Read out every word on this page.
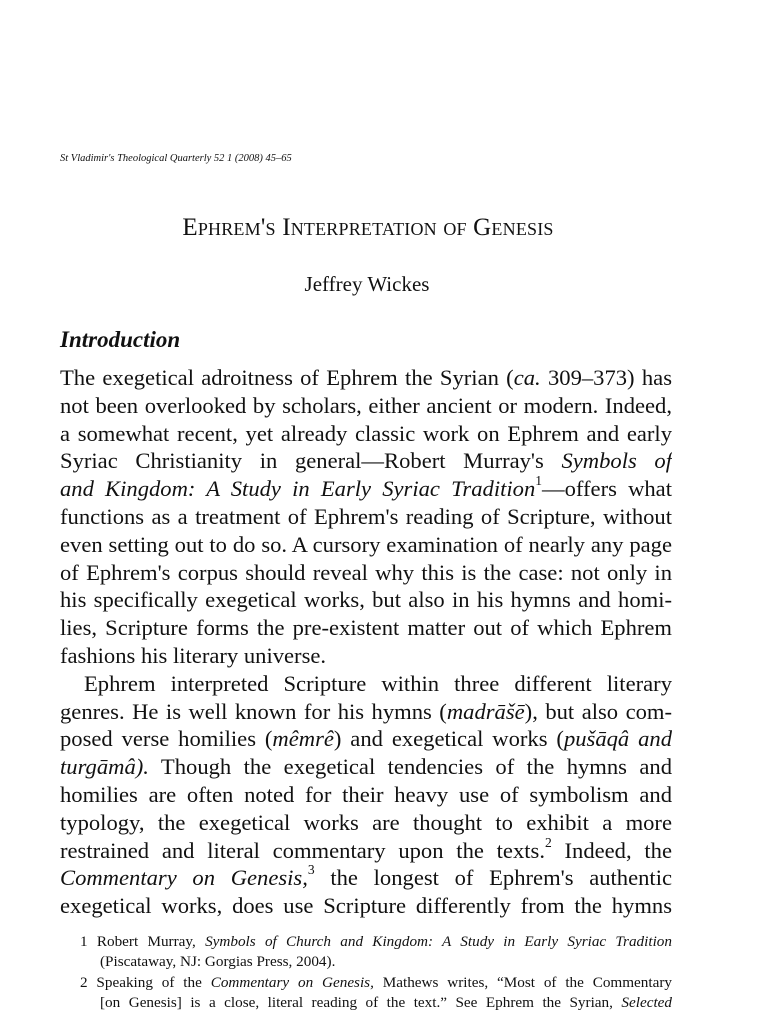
St Vladimir's Theological Quarterly 52 1 (2008) 45–65
Ephrem's Interpretation of Genesis
Jeffrey Wickes
Introduction
The exegetical adroitness of Ephrem the Syrian (ca. 309–373) has
not been overlooked by scholars, either ancient or modern. Indeed,
a somewhat recent, yet already classic work on Ephrem and early
Syriac Christianity in general—Robert Murray's Symbols of
and Kingdom: A Study in Early Syriac Tradition$^1$—offers what
functions as a treatment of Ephrem's reading of Scripture, without
even setting out to do so. A cursory examination of nearly any page
of Ephrem's corpus should reveal why this is the case: not only in
his specifically exegetical works, but also in his hymns and homi-
lies, Scripture forms the pre-existent matter out of which Ephrem
fashions his literary universe.
Ephrem interpreted Scripture within three different literary
genres. He is well known for his hymns (madrāšē), but also com-
posed verse homilies (mêmrê) and exegetical works (pušāqâ and
turgāmâ). Though the exegetical tendencies of the hymns and
homilies are often noted for their heavy use of symbolism and
typology, the exegetical works are thought to exhibit a more
restrained and literal commentary upon the texts.$^2$ Indeed, the
Commentary on Genesis,$^3$ the longest of Ephrem's authentic
exegetical works, does use Scripture differently from the hymns
1 Robert Murray, Symbols of Church and Kingdom: A Study in Early Syriac Tradition
(Piscataway, NJ: Gorgias Press, 2004).
2 Speaking of the Commentary on Genesis, Mathews writes, “Most of the Commentary
[on Genesis] is a close, literal reading of the text.” See Ephrem the Syrian, Selected
